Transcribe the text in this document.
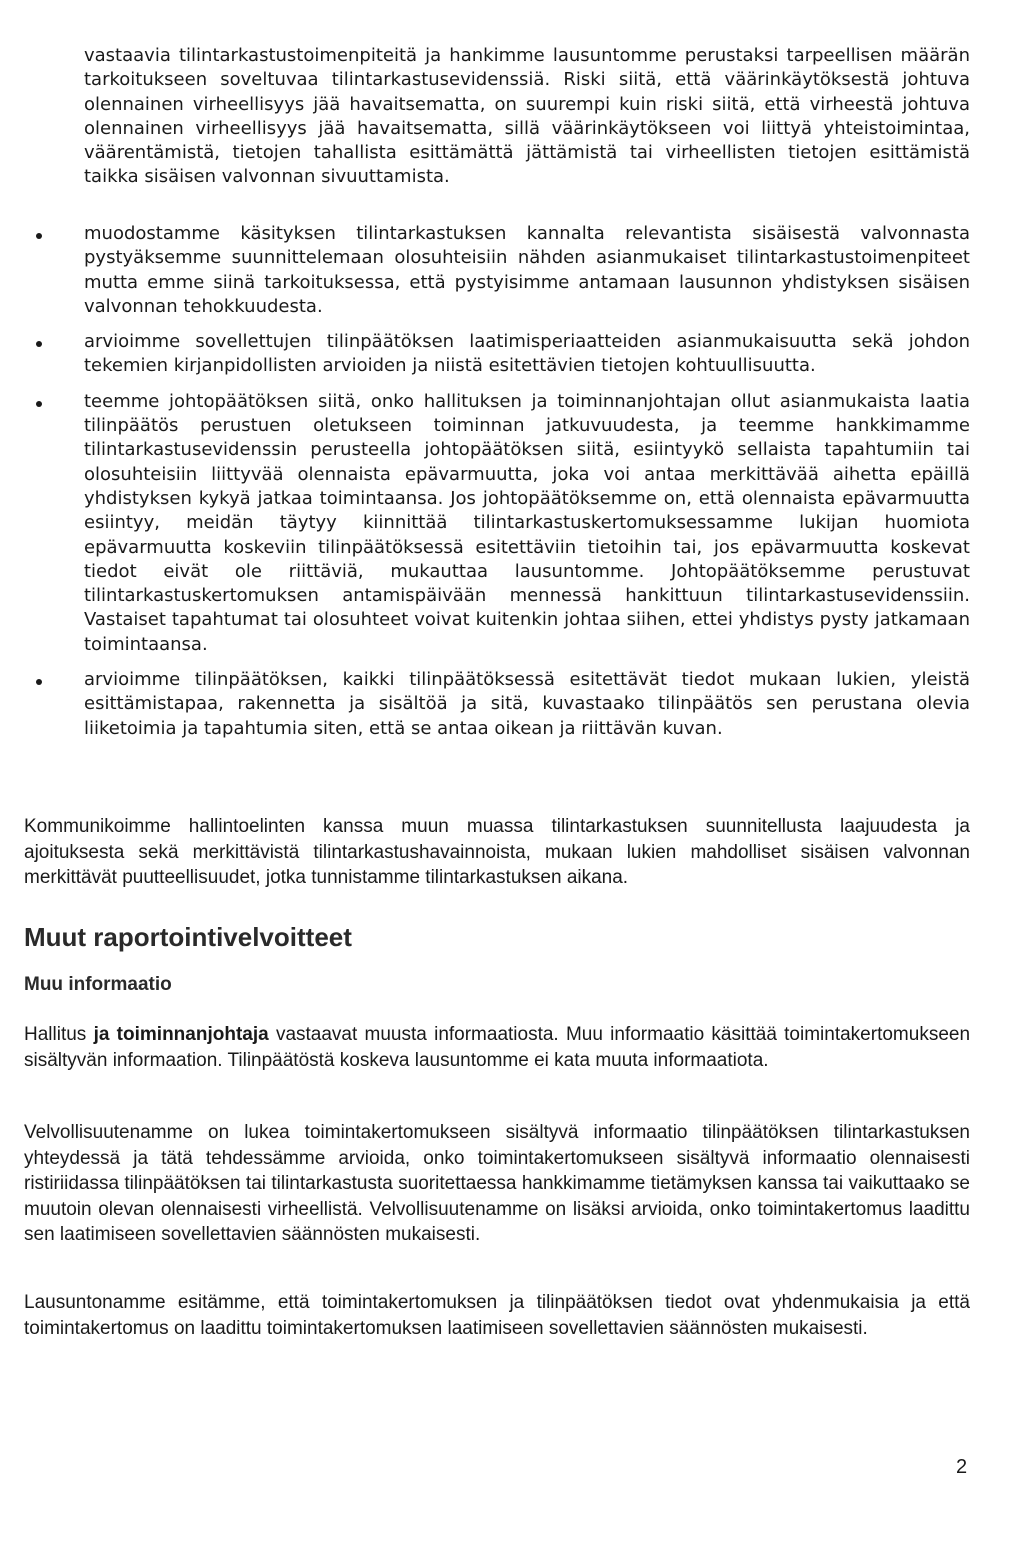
vastaavia tilintarkastustoimenpiteitä ja hankimme lausuntomme perustaksi tarpeellisen määrän tarkoitukseen soveltuvaa tilintarkastusevidenssiä. Riski siitä, että väärinkäytöksestä johtuva olennainen virheellisyys jää havaitsematta, on suurempi kuin riski siitä, että virheestä johtuva olennainen virheellisyys jää havaitsematta, sillä väärinkäytökseen voi liittyä yhteistoimintaa, väärentämistä, tietojen tahallista esittämättä jättämistä tai virheellisten tietojen esittämistä taikka sisäisen valvonnan sivuuttamista.

muodostamme käsityksen tilintarkastuksen kannalta relevantista sisäisestä valvonnasta pystyäksemme suunnittelemaan olosuhteisiin nähden asianmukaiset tilintarkastustoimenpiteet mutta emme siinä tarkoituksessa, että pystyisimme antamaan lausunnon yhdistyksen sisäisen valvonnan tehokkuudesta.
arvioimme sovellettujen tilinpäätöksen laatimisperiaatteiden asianmukaisuutta sekä johdon tekemien kirjanpidollisten arvioiden ja niistä esitettävien tietojen kohtuullisuutta.
teemme johtopäätöksen siitä, onko hallituksen ja toiminnanjohtajan ollut asianmukaista laatia tilinpäätös perustuen oletukseen toiminnan jatkuvuudesta, ja teemme hankkimamme tilintarkastusevidenssin perusteella johtopäätöksen siitä, esiintyykö sellaista tapahtumiin tai olosuhteisiin liittyvää olennaista epävarmuutta, joka voi antaa merkittävää aihetta epäillä yhdistyksen kykyä jatkaa toimintaansa. Jos johtopäätöksemme on, että olennaista epävarmuutta esiintyy, meidän täytyy kiinnittää tilintarkastuskertomuksessamme lukijan huomiota epävarmuutta koskeviin tilinpäätöksessä esitettäviin tietoihin tai, jos epävarmuutta koskevat tiedot eivät ole riittäviä, mukauttaa lausuntomme. Johtopäätöksemme perustuvat tilintarkastuskertomuksen antamispäivään mennessä hankittuun tilintarkastusevidenssiin. Vastaiset tapahtumat tai olosuhteet voivat kuitenkin johtaa siihen, ettei yhdistys pysty jatkamaan toimintaansa.
arvioimme tilinpäätöksen, kaikki tilinpäätöksessä esitettävät tiedot mukaan lukien, yleistä esittämistapaa, rakennetta ja sisältöä ja sitä, kuvastaako tilinpäätös sen perustana olevia liiketoimia ja tapahtumia siten, että se antaa oikean ja riittävän kuvan.

Kommunikoimme hallintoelinten kanssa muun muassa tilintarkastuksen suunnitellusta laajuudesta ja ajoituksesta sekä merkittävistä tilintarkastushavainnoista, mukaan lukien mahdolliset sisäisen valvonnan merkittävät puutteellisuudet, jotka tunnistamme tilintarkastuksen aikana.

Muut raportointivelvoitteet
Muu informaatio

Hallitus ja toiminnanjohtaja vastaavat muusta informaatiosta. Muu informaatio käsittää toimintakertomukseen sisältyvän informaation. Tilinpäätöstä koskeva lausuntomme ei kata muuta informaatiota.

Velvollisuutenamme on lukea toimintakertomukseen sisältyvä informaatio tilinpäätöksen tilintarkastuksen yhteydessä ja tätä tehdessämme arvioida, onko toimintakertomukseen sisältyvä informaatio olennaisesti ristiriidassa tilinpäätöksen tai tilintarkastusta suoritettaessa hankkimamme tietämyksen kanssa tai vaikuttaako se muutoin olevan olennaisesti virheellistä. Velvollisuutenamme on lisäksi arvioida, onko toimintakertomus laadittu sen laatimiseen sovellettavien säännösten mukaisesti.

Lausuntonamme esitämme, että toimintakertomuksen ja tilinpäätöksen tiedot ovat yhdenmukaisia ja että toimintakertomus on laadittu toimintakertomuksen laatimiseen sovellettavien säännösten mukaisesti.

2
